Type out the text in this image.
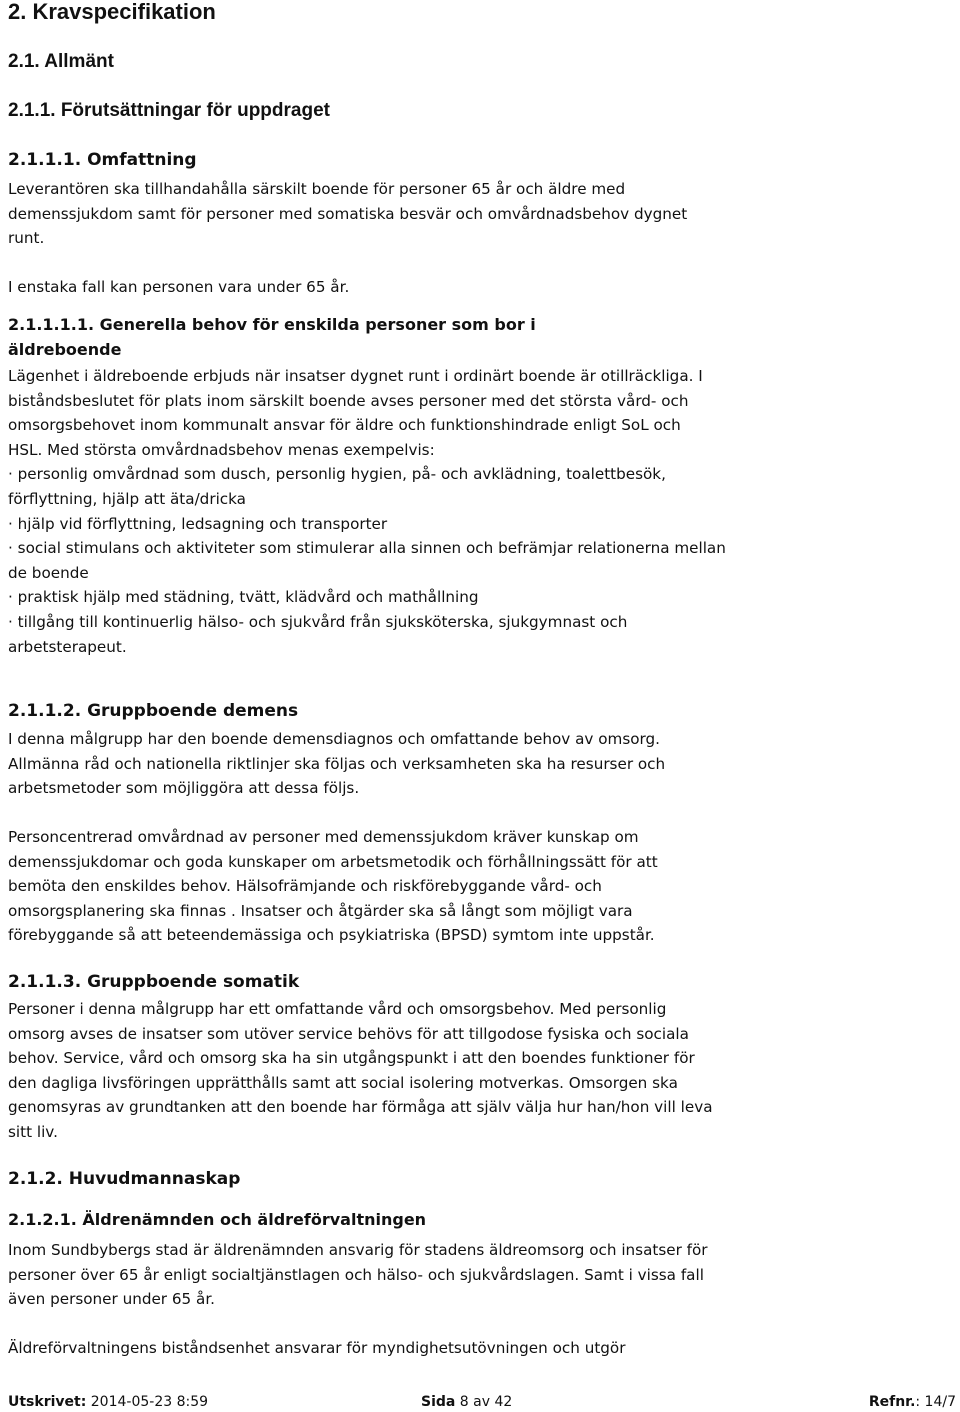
2. Kravspecifikation
2.1. Allmänt
2.1.1. Förutsättningar för uppdraget
2.1.1.1. Omfattning
Leverantören ska tillhandahålla särskilt boende för personer 65 år och äldre med
demenssjukdom samt för personer med somatiska besvär och omvårdnadsbehov dygnet
runt.
I enstaka fall kan personen vara under 65 år.
2.1.1.1.1. Generella behov för enskilda personer som bor i
äldreboende
Lägenhet i äldreboende erbjuds när insatser dygnet runt i ordinärt boende är otillräckliga. I
biståndsbeslutet för plats inom särskilt boende avses personer med det största vård- och
omsorgsbehovet inom kommunalt ansvar för äldre och funktionshindrade enligt SoL och
HSL. Med största omvårdnadsbehov menas exempelvis:
· personlig omvårdnad som dusch, personlig hygien, på- och avklädning, toalettbesök,
förflyttning, hjälp att äta/dricka
· hjälp vid förflyttning, ledsagning och transporter
· social stimulans och aktiviteter som stimulerar alla sinnen och befrämjar relationerna mellan
de boende
· praktisk hjälp med städning, tvätt, klädvård och mathållning
· tillgång till kontinuerlig hälso- och sjukvård från sjuksköterska, sjukgymnast och
arbetsterapeut.
2.1.1.2. Gruppboende demens
I denna målgrupp har den boende demensdiagnos och omfattande behov av omsorg.
Allmänna råd och nationella riktlinjer ska följas och verksamheten ska ha resurser och
arbetsmetoder som möjliggöra att dessa följs.
Personcentrerad omvårdnad av personer med demenssjukdom kräver kunskap om
demenssjukdomar och goda kunskaper om arbetsmetodik och förhållningssätt för att
bemöta den enskildes behov. Hälsofrämjande och riskförebyggande vård- och
omsorgsplanering ska finnas . Insatser och åtgärder ska så långt som möjligt vara
förebyggande så att beteendemässiga och psykiatriska (BPSD) symtom inte uppstår.
2.1.1.3. Gruppboende somatik
Personer i denna målgrupp har ett omfattande vård och omsorgsbehov. Med personlig
omsorg avses de insatser som utöver service behövs för att tillgodose fysiska och sociala
behov. Service, vård och omsorg ska ha sin utgångspunkt i att den boendes funktioner för
den dagliga livsföringen upprätthålls samt att social isolering motverkas. Omsorgen ska
genomsyras av grundtanken att den boende har förmåga att själv välja hur han/hon vill leva
sitt liv.
2.1.2. Huvudmannaskap
2.1.2.1. Äldrenämnden och äldreförvaltningen
Inom Sundbybergs stad är äldrenämnden ansvarig för stadens äldreomsorg och insatser för
personer över 65 år enligt socialtjänstlagen och hälso- och sjukvårdslagen. Samt i vissa fall
även personer under 65 år.
Äldreförvaltningens biståndsenhet ansvarar för myndighetsutövningen och utgör
Utskrivet: 2014-05-23 8:59	Sida 8 av 42	Refnr.: 14/7
